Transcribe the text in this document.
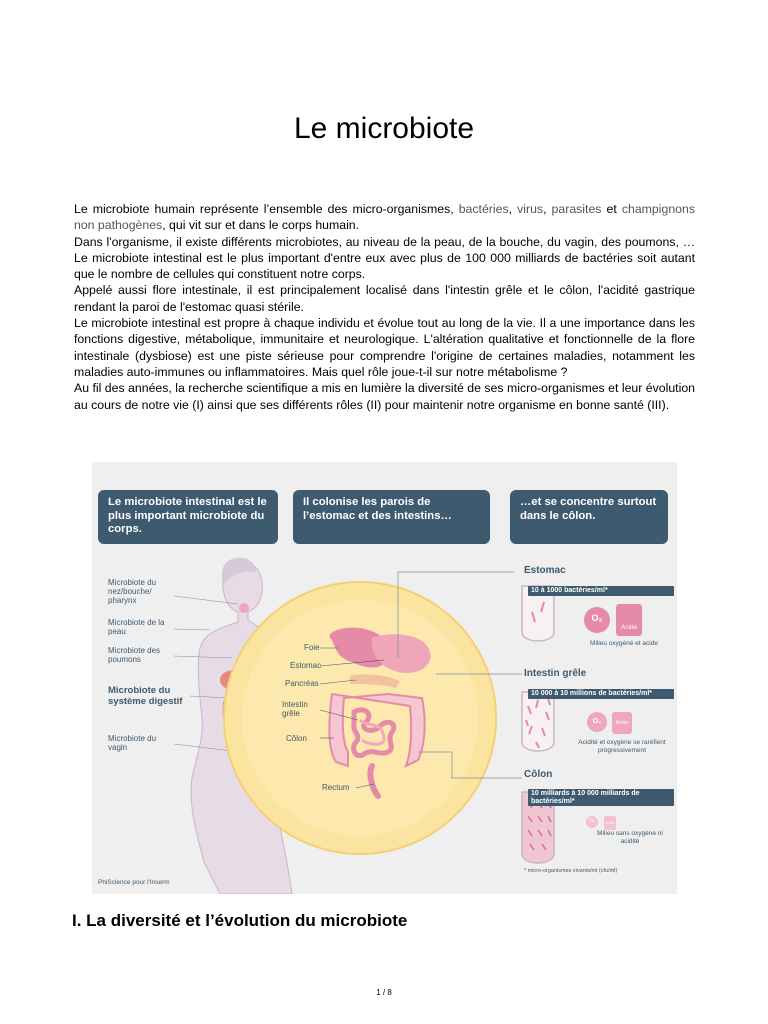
Le microbiote

Le microbiote humain représente l’ensemble des micro-organismes, bactéries, virus, parasites et champignons non pathogènes, qui vit sur et dans le corps humain.

Dans l'organisme, il existe différents microbiotes, au niveau de la peau, de la bouche, du vagin, des poumons, … Le microbiote intestinal est le plus important d'entre eux avec plus de 100 000 milliards de bactéries soit autant que le nombre de cellules qui constituent notre corps.

Appelé aussi flore intestinale, il est principalement localisé dans l'intestin grêle et le côlon, l'acidité gastrique rendant la paroi de l'estomac quasi stérile.

Le microbiote intestinal est propre à chaque individu et évolue tout au long de la vie. Il a une importance dans les fonctions digestive, métabolique, immunitaire et neurologique. L'altération qualitative et fonctionnelle de la flore intestinale (dysbiose) est une piste sérieuse pour comprendre l'origine de certaines maladies, notamment les maladies auto-immunes ou inflammatoires. Mais quel rôle joue-t-il sur notre métabolisme ?

Au fil des années, la recherche scientifique a mis en lumière la diversité de ses micro-organismes et leur évolution au cours de notre vie (I) ainsi que ses différents rôles (II) pour maintenir notre organisme en bonne santé (III).

Le microbiote intestinal est le plus important microbiote du corps.
Il colonise les parois de l’estomac et des intestins…
…et se concentre surtout dans le côlon.
Microbiote du nez/bouche/ pharynx
Microbiote de la peau
Microbiote des poumons
Microbiote du système digestif
Microbiote du vagin
Foie
Estomac
Pancréas
Intestin grêle
Côlon
Rectum
Estomac
10 à 1000 bactéries/ml*
Milieu oxygéné et acide
O₂
Acide
Intestin grêle
10 000 à 10 millions de bactéries/ml*
Acidité et oxygène se raréfient progressivement
O₂	Acide
Côlon
10 milliards à 10 000 milliards de bactéries/ml*
Milieu sans oxygène ni acidité
O₂	Acide
* micro-organismes vivants/ml (cfu/ml)
PhiScience pour l'Inserm
I. La diversité et l’évolution du microbiote
1 / 8
